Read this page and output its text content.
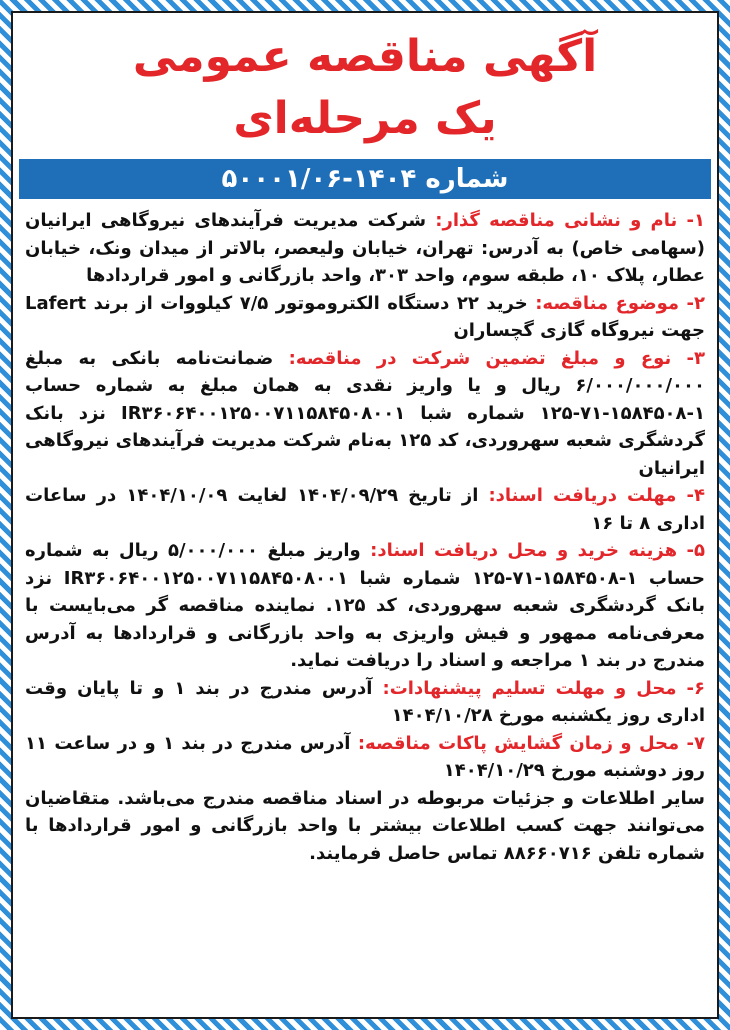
آگهی مناقصه عمومی
یک مرحله‌ای
شماره ۱۴۰۴-۵۰۰۰۱/۰۶

۱- نام و نشانی مناقصه گذار: شرکت مدیریت فرآیندهای نیروگاهی ایرانیان (سهامی خاص) به آدرس: تهران، خیابان ولیعصر، بالاتر از میدان ونک، خیابان عطار، پلاک ۱۰، طبقه سوم، واحد ۳۰۳، واحد بازرگانی و امور قراردادها

۲- موضوع مناقصه: خرید ۲۲ دستگاه الکتروموتور ۷/۵ کیلووات از برند Lafert جهت نیروگاه گازی گچساران

۳- نوع و مبلغ تضمین شرکت در مناقصه: ضمانت‌نامه بانکی به مبلغ ۶/۰۰۰/۰۰۰/۰۰۰ ریال و یا واریز نقدی به همان مبلغ به شماره حساب ۱-۱۵۸۴۵۰۸-۷۱-۱۲۵ شماره شبا IR۳۶۰۶۴۰۰۱۲۵۰۰۷۱۱۵۸۴۵۰۸۰۰۱ نزد بانک گردشگری شعبه سهروردی، کد ۱۲۵ به‌نام شرکت مدیریت فرآیندهای نیروگاهی ایرانیان

۴- مهلت دریافت اسناد: از تاریخ ۱۴۰۴/۰۹/۲۹ لغایت ۱۴۰۴/۱۰/۰۹ در ساعات اداری ۸ تا ۱۶

۵- هزینه خرید و محل دریافت اسناد: واریز مبلغ ۵/۰۰۰/۰۰۰ ریال به شماره حساب ۱-۱۵۸۴۵۰۸-۷۱-۱۲۵ شماره شبا IR۳۶۰۶۴۰۰۱۲۵۰۰۷۱۱۵۸۴۵۰۸۰۰۱ نزد بانک گردشگری شعبه سهروردی، کد ۱۲۵. نماینده مناقصه گر می‌بایست با معرفی‌نامه ممهور و فیش واریزی به واحد بازرگانی و قراردادها به آدرس مندرج در بند ۱ مراجعه و اسناد را دریافت نماید.

۶- محل و مهلت تسلیم پیشنهادات: آدرس مندرج در بند ۱ و تا پایان وقت اداری روز یکشنبه مورخ ۱۴۰۴/۱۰/۲۸

۷- محل و زمان گشایش پاکات مناقصه: آدرس مندرج در بند ۱ و در ساعت ۱۱ روز دوشنبه مورخ ۱۴۰۴/۱۰/۲۹

سایر اطلاعات و جزئیات مربوطه در اسناد مناقصه مندرج می‌باشد. متقاضیان می‌توانند جهت کسب اطلاعات بیشتر با واحد بازرگانی و امور قراردادها با شماره تلفن ۸۸۶۶۰۷۱۶ تماس حاصل فرمایند.
